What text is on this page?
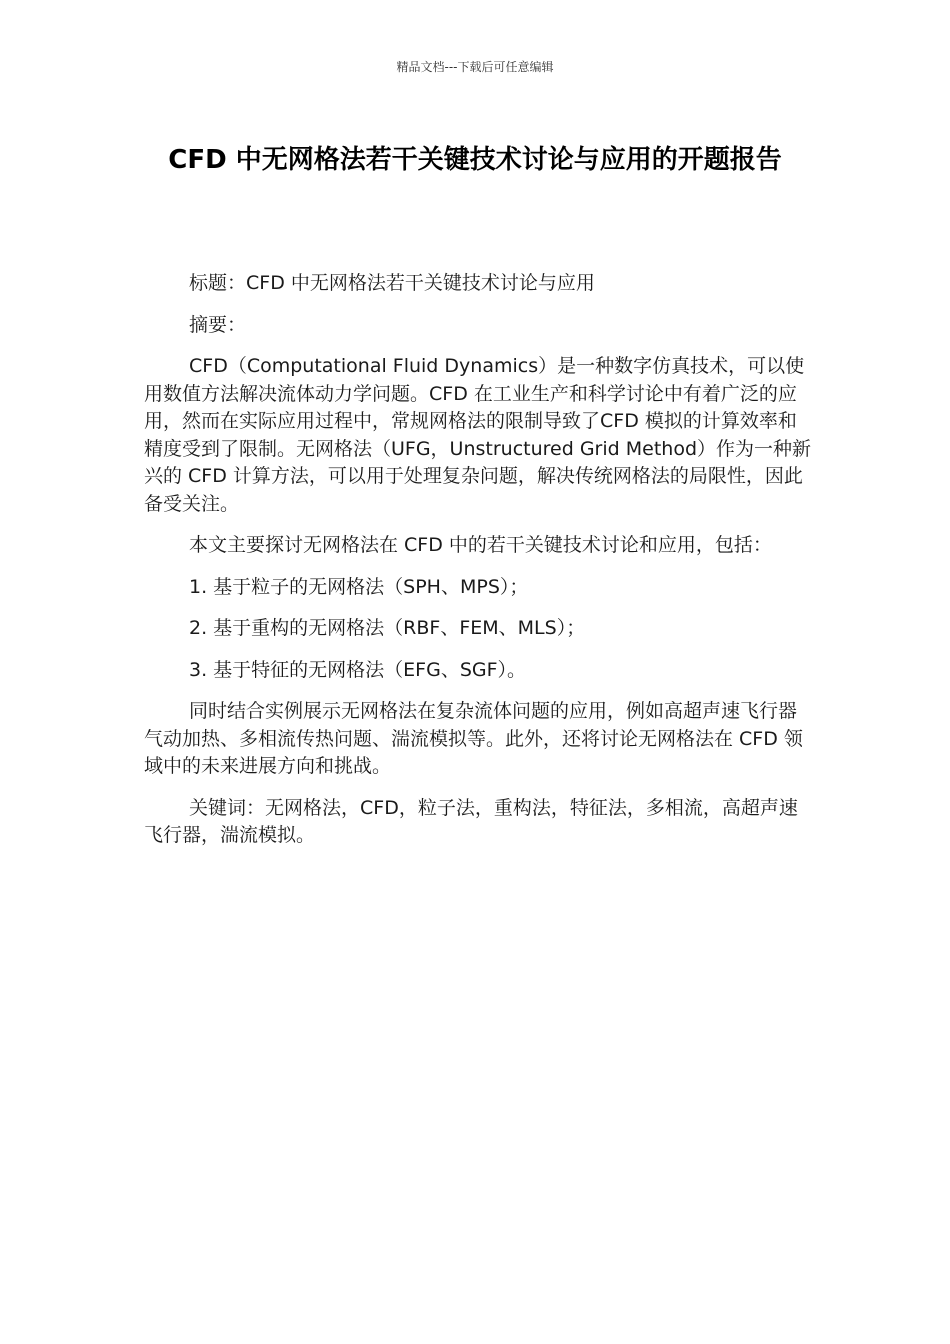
精品文档---下载后可任意编辑
CFD 中无网格法若干关键技术讨论与应用的开题报告

标题：CFD 中无网格法若干关键技术讨论与应用

摘要：

CFD（Computational Fluid Dynamics）是一种数字仿真技术，可以使用数值方法解决流体动力学问题。CFD 在工业生产和科学讨论中有着广泛的应用，然而在实际应用过程中，常规网格法的限制导致了CFD 模拟的计算效率和精度受到了限制。无网格法（UFG，Unstructured Grid Method）作为一种新兴的 CFD 计算方法，可以用于处理复杂问题，解决传统网格法的局限性，因此备受关注。

本文主要探讨无网格法在 CFD 中的若干关键技术讨论和应用，包括：

1. 基于粒子的无网格法（SPH、MPS）；

2. 基于重构的无网格法（RBF、FEM、MLS）；

3. 基于特征的无网格法（EFG、SGF）。

同时结合实例展示无网格法在复杂流体问题的应用，例如高超声速飞行器气动加热、多相流传热问题、湍流模拟等。此外，还将讨论无网格法在 CFD 领域中的未来进展方向和挑战。

关键词：无网格法，CFD，粒子法，重构法，特征法，多相流，高超声速飞行器，湍流模拟。
